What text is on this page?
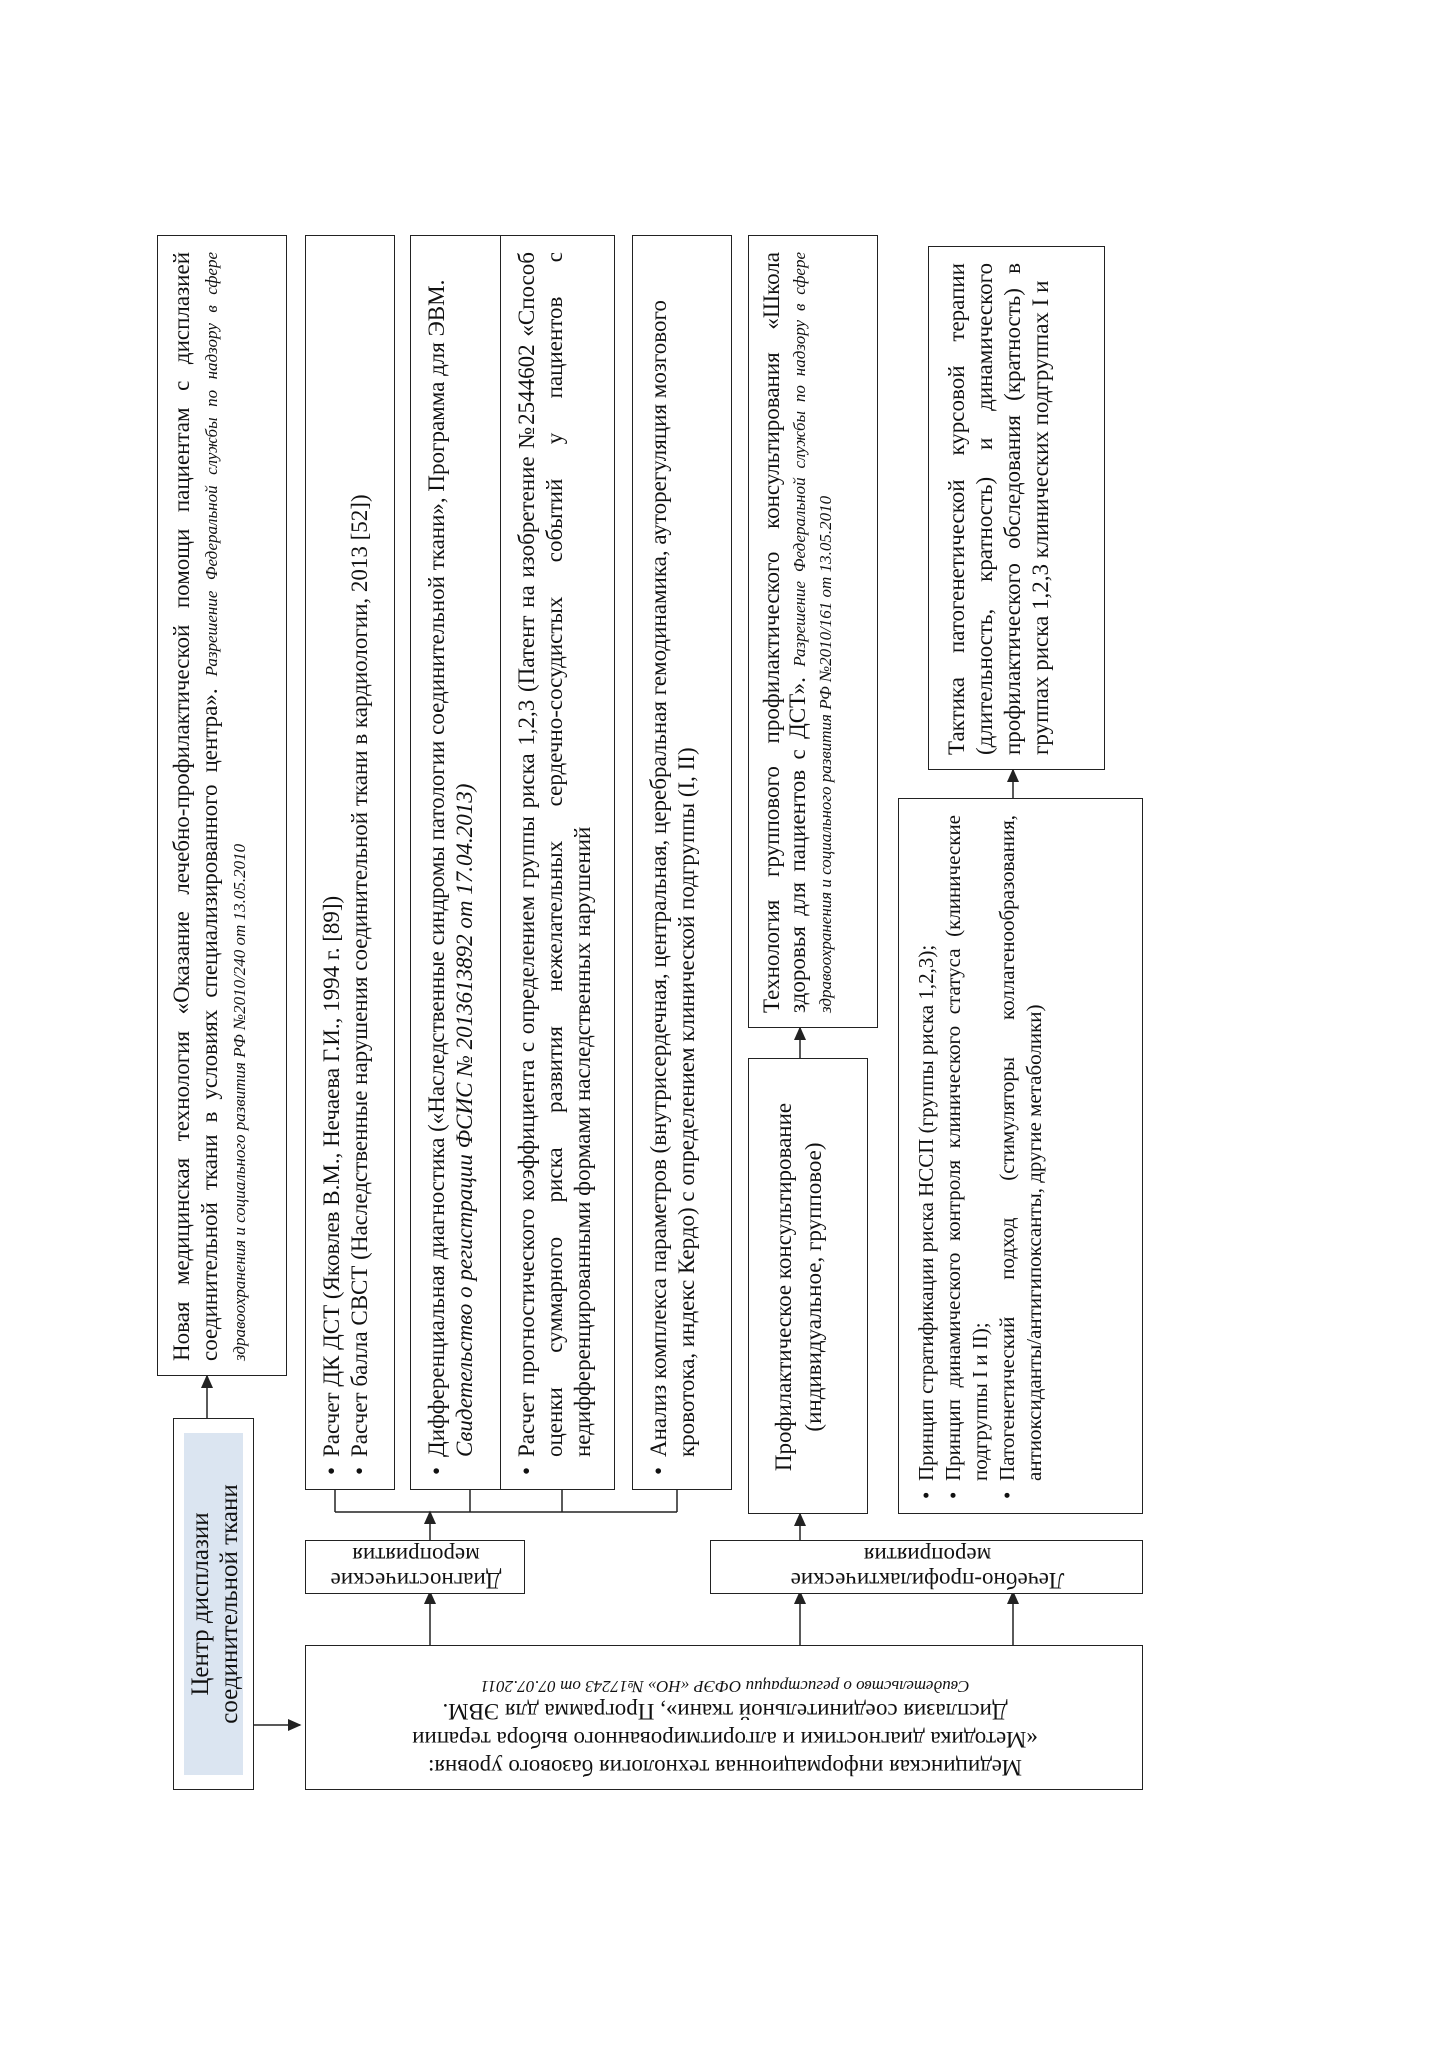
Центр дисплазии
соединительной ткани
Медицинская информационная технология базового уровня:
«Методика диагностики и алгоритмированного выбора терапии
Дисплазия соединительной ткани», Программа для ЭВМ.
Свидетельство о регистрации ОФЭР «НО» №17243 от 07.07.2011
Диагностические
мероприятия
Лечебно-профилактические
мероприятия
Новая медицинская технология «Оказание лечебно-профилактической помощи пациентам с дисплазией соединительной ткани в условиях специализированного центра». Разрешение Федеральной службы по надзору в сфере здравоохранения и социального развития РФ №2010/240 от 13.05.2010	• Расчет ДК ДСТ (Яковлев В.М., Нечаева Г.И., 1994 г. [89]) • Расчет балла СВСТ (Наследственные нарушения соединительной ткани в кардиологии, 2013 [52]) • Дифференциальная диагностика («Наследственные синдромы патологии соединительной ткани», Программа для ЭВМ. Свидетельство о регистрации ФСИС № 2013613892 от 17.04.2013) • Расчет прогностического коэффициента с определением группы риска 1,2,3 (Патент на изобретение №2544602 «Способ оценки суммарного риска развития нежелательных сердечно-сосудистых событий у пациентов с недифференцированными формами наследственных нарушений • Анализ комплекса параметров (внутрисердечная, центральная, церебральная гемодинамика, ауторегуляция мозгового кровотока, индекс Кердо) с определением клинической подгруппы (I, II)	Профилактическое консультирование (индивидуальное, групповое)
Технология группового профилактического консультирования «Школа здоровья для пациентов с ДСТ». Разрешение Федеральной службы по надзору в сфере здравоохранения и социального развития РФ №2010/161 от 13.05.2010
• Принцип стратификации риска НССП (группы риска 1,2,3); • Принцип динамического контроля клинического статуса (клинические подгруппы I и II); • Патогенетический подход (стимуляторы коллагенообразования, антиоксиданты/антигипоксанты, другие метаболики)
Тактика патогенетической курсовой терапии (длительность, кратность) и динамического профилактического обследования (кратность) в группах риска 1,2,3 клинических подгруппах I и
